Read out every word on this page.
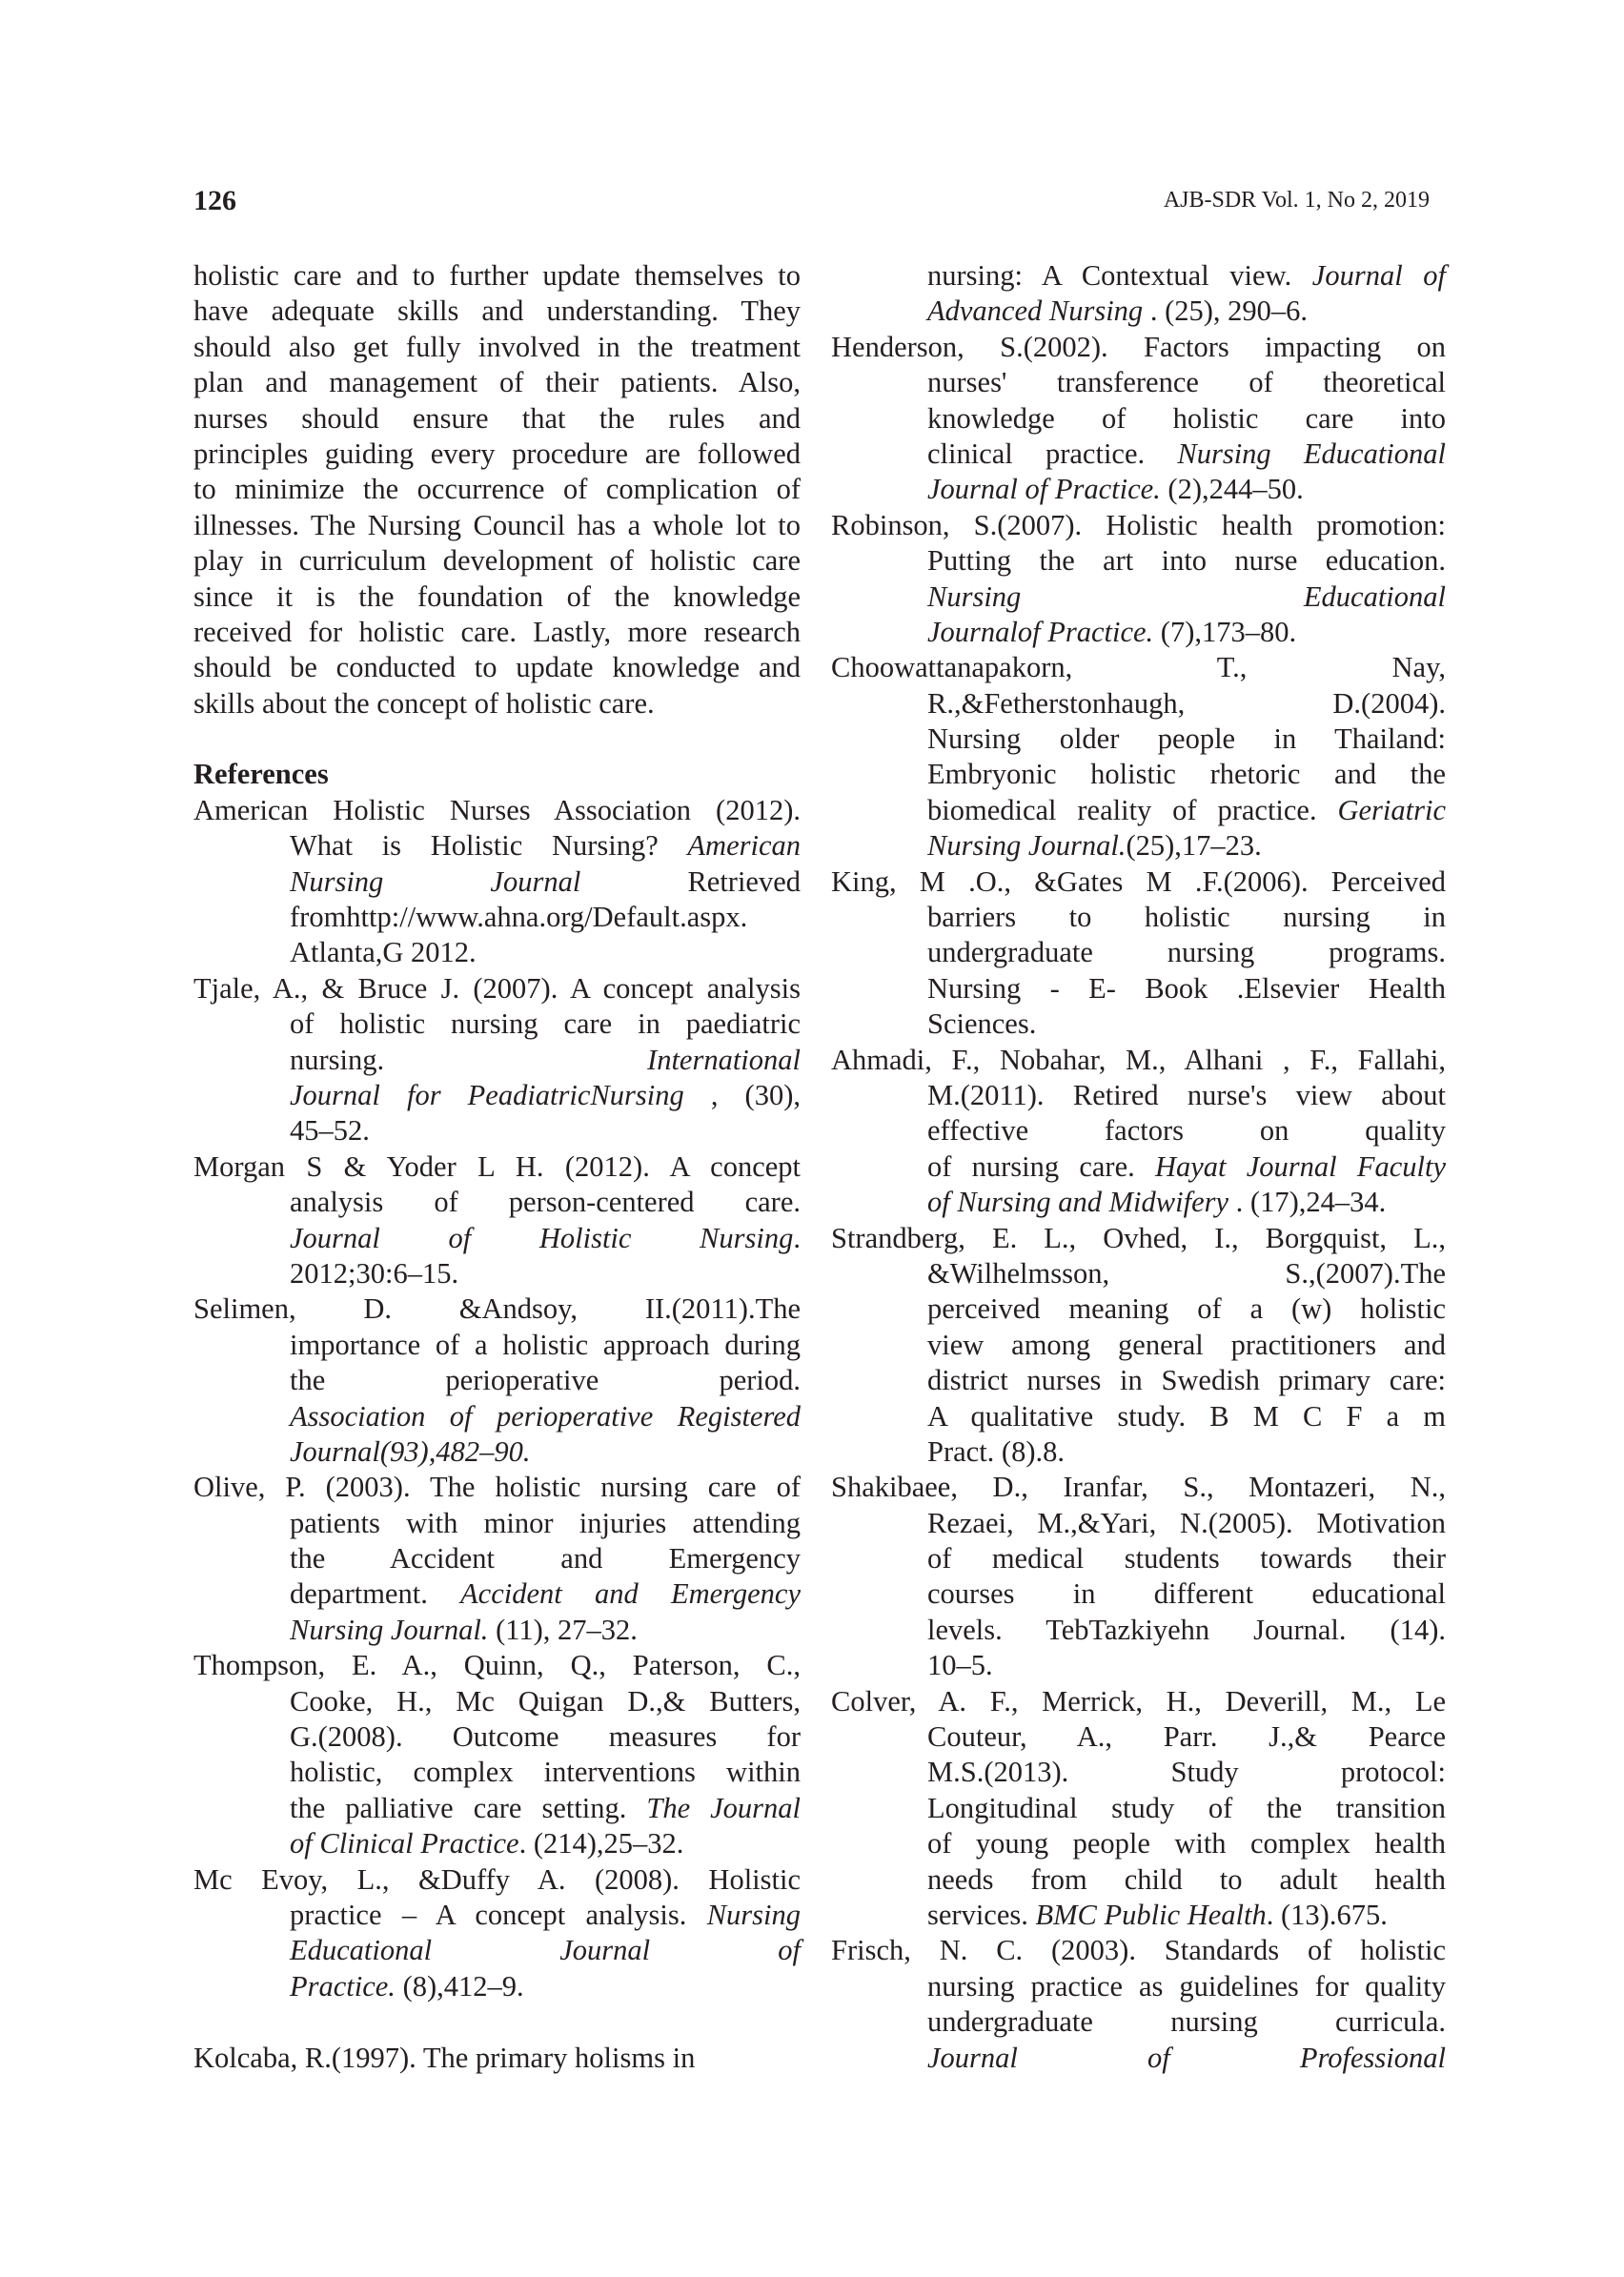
126	AJB-SDR Vol. 1, No 2, 2019
holistic care and to further update themselves to
have adequate skills and understanding. They
should also get fully involved in the treatment
plan and management of their patients. Also,
nurses should ensure that the rules and
principles guiding every procedure are followed
to minimize the occurrence of complication of
illnesses. The Nursing Council has a whole lot to
play in curriculum development of holistic care
since it is the foundation of the knowledge
received for holistic care. Lastly, more research
should be conducted to update knowledge and
skills about the concept of holistic care.
References
American Holistic Nurses Association (2012).
What is Holistic Nursing? American
Nursing Journal Retrieved
fromhttp://www.ahna.org/Default.aspx.
Atlanta,G 2012.
Tjale, A., & Bruce J. (2007). A concept analysis
of holistic nursing care in paediatric
nursing. International
Journal for PeadiatricNursing , (30),
45–52.
Morgan S & Yoder L H. (2012). A concept
analysis of person-centered care.
Journal of Holistic Nursing.
2012;30:6–15.
Selimen, D. &Andsoy, II.(2011).The
importance of a holistic approach during
the perioperative period.
Association of perioperative Registered
Journal(93),482–90.
Olive, P. (2003). The holistic nursing care of
patients with minor injuries attending
the Accident and Emergency
department. Accident and Emergency
Nursing Journal. (11), 27–32.
Thompson, E. A., Quinn, Q., Paterson, C.,
Cooke, H., Mc Quigan D.,& Butters,
G.(2008). Outcome measures for
holistic, complex interventions within
the palliative care setting. The Journal
of Clinical Practice. (214),25–32.
Mc Evoy, L., &Duffy A. (2008). Holistic
practice – A concept analysis. Nursing
Educational Journal of
Practice. (8),412–9.
Kolcaba, R.(1997). The primary holisms in
nursing: A Contextual view. Journal of
Advanced Nursing . (25), 290–6.
Henderson, S.(2002). Factors impacting on
nurses' transference of theoretical
knowledge of holistic care into
clinical practice. Nursing Educational
Journal of Practice. (2),244–50.
Robinson, S.(2007). Holistic health promotion:
Putting the art into nurse education.
Nursing Educational
Journalof Practice. (7),173–80.
Choowattanapakorn, T., Nay,
R.,&Fetherstonhaugh, D.(2004).
Nursing older people in Thailand:
Embryonic holistic rhetoric and the
biomedical reality of practice. Geriatric
Nursing Journal.(25),17–23.
King, M .O., &Gates M .F.(2006). Perceived
barriers to holistic nursing in
undergraduate nursing programs.
Nursing - E- Book .Elsevier Health
Sciences.
Ahmadi, F., Nobahar, M., Alhani , F., Fallahi,
M.(2011). Retired nurse's view about
effective factors on quality
of nursing care. Hayat Journal Faculty
of Nursing and Midwifery . (17),24–34.
Strandberg, E. L., Ovhed, I., Borgquist, L.,
&Wilhelmsson, S.,(2007).The
perceived meaning of a (w) holistic
view among general practitioners and
district nurses in Swedish primary care:
A qualitative study. B M C F a m
Pract. (8).8.
Shakibaee, D., Iranfar, S., Montazeri, N.,
Rezaei, M.,&Yari, N.(2005). Motivation
of medical students towards their
courses in different educational
levels. TebTazkiyehn Journal. (14).
10–5.
Colver, A. F., Merrick, H., Deverill, M., Le
Couteur, A., Parr. J.,& Pearce
M.S.(2013). Study protocol:
Longitudinal study of the transition
of young people with complex health
needs from child to adult health
services. BMC Public Health. (13).675.
Frisch, N. C. (2003). Standards of holistic
nursing practice as guidelines for quality
undergraduate nursing curricula.
Journal of Professional
